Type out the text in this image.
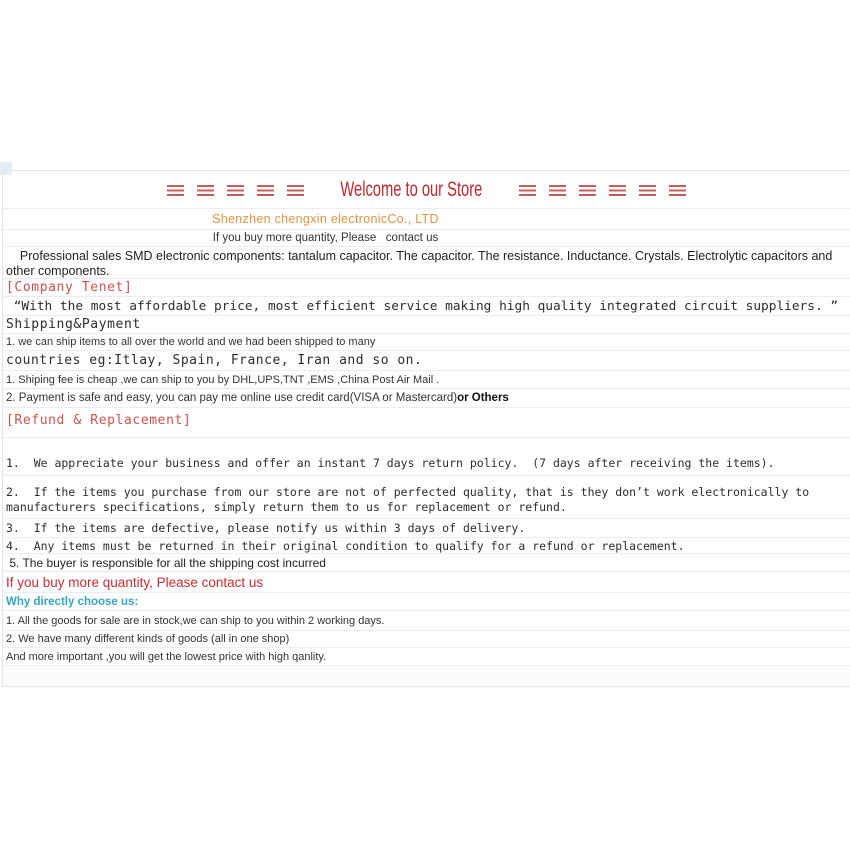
Welcome to our Store
Shenzhen chengxin electronicCo., LTD
If you buy more quantity, Please   contact us
Professional sales SMD electronic components: tantalum capacitor. The capacitor. The resistance. Inductance. Crystals. Electrolytic capacitors and
other components.
[Company Tenet]
“With the most affordable price, most efficient service making high quality integrated circuit suppliers. ”
Shipping&Payment
1. we can ship items to all over the world and we had been shipped to many
countries eg:Itlay, Spain, France, Iran and so on.
1. Shiping fee is cheap ,we can ship to you by DHL,UPS,TNT ,EMS ,China Post Air Mail .
2. Payment is safe and easy, you can pay me online use credit card(VISA or Mastercard) or Others
[Refund & Replacement]
1.  We appreciate your business and offer an instant 7 days return policy.  (7 days after receiving the items).
2.  If the items you purchase from our store are not of perfected quality, that is they don’t work electronically to
manufacturers specifications, simply return them to us for replacement or refund.
3.  If the items are defective, please notify us within 3 days of delivery.
4.  Any items must be returned in their original condition to qualify for a refund or replacement.
5. The buyer is responsible for all the shipping cost incurred
If you buy more quantity, Please contact us
Why directly choose us:
1. All the goods for sale are in stock,we can ship to you within 2 working days.
2. We have many different kinds of goods (all in one shop)
And more important ,you will get the lowest price with high qanlity.
